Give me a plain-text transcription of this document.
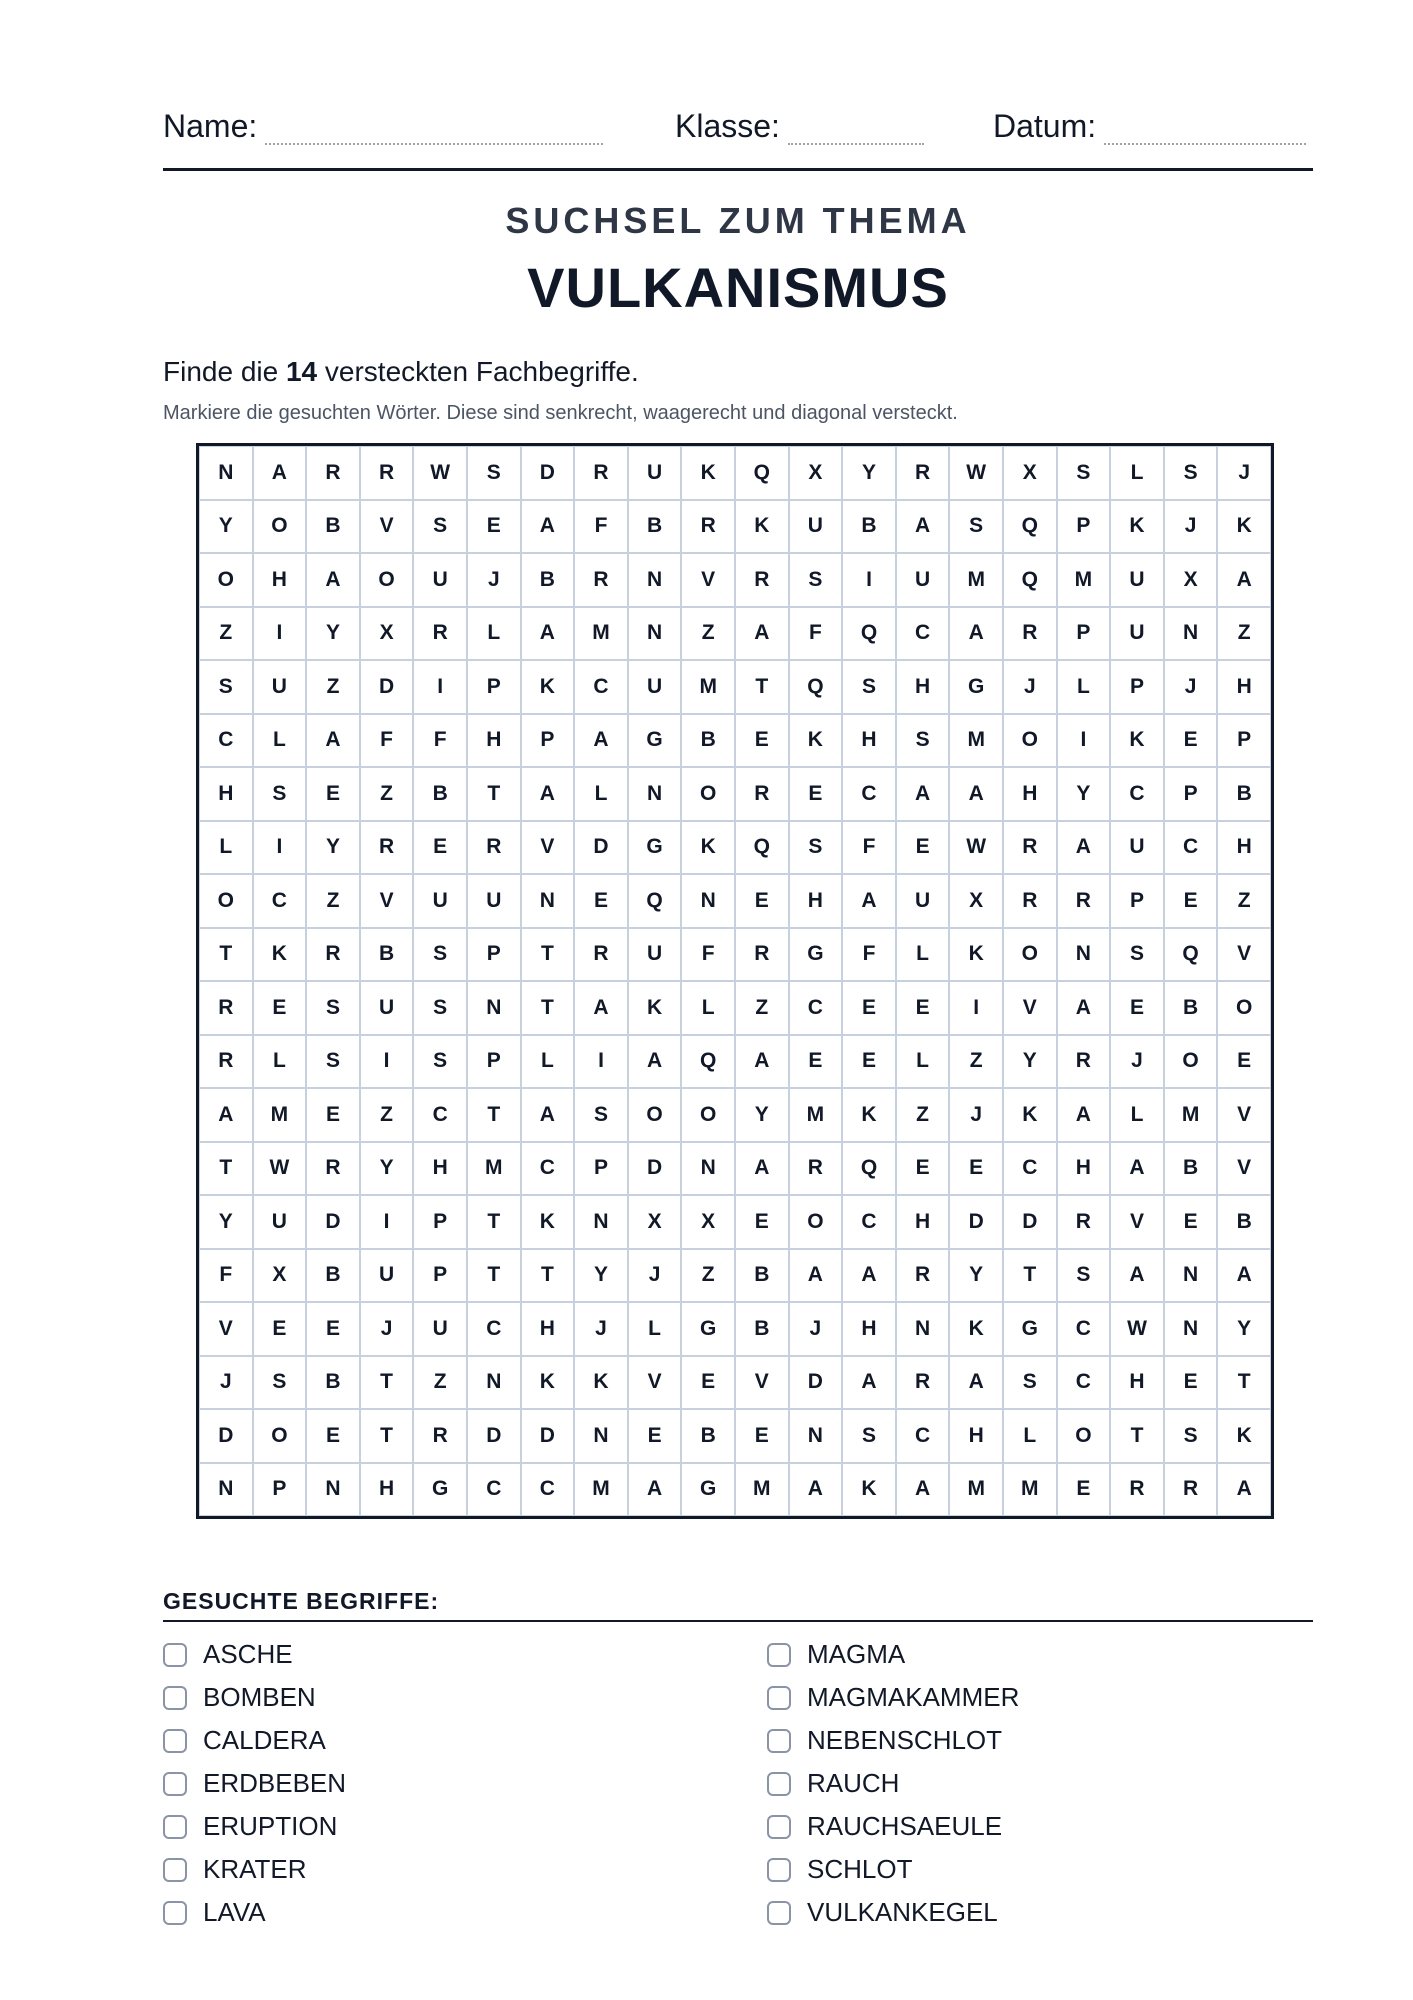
Name:	Klasse:	Datum:
SUCHSEL ZUM THEMA
VULKANISMUS
Finde die 14 versteckten Fachbegriffe.
Markiere die gesuchten Wörter. Diese sind senkrecht, waagerecht und diagonal versteckt.
N	A	R	R	W	S	D	R	U	K	Q	X	Y	R	W	X	S	L	S	J
Y	O	B	V	S	E	A	F	B	R	K	U	B	A	S	Q	P	K	J	K
O	H	A	O	U	J	B	R	N	V	R	S	I	U	M	Q	M	U	X	A
Z	I	Y	X	R	L	A	M	N	Z	A	F	Q	C	A	R	P	U	N	Z
S	U	Z	D	I	P	K	C	U	M	T	Q	S	H	G	J	L	P	J	H
C	L	A	F	F	H	P	A	G	B	E	K	H	S	M	O	I	K	E	P
H	S	E	Z	B	T	A	L	N	O	R	E	C	A	A	H	Y	C	P	B
L	I	Y	R	E	R	V	D	G	K	Q	S	F	E	W	R	A	U	C	H
O	C	Z	V	U	U	N	E	Q	N	E	H	A	U	X	R	R	P	E	Z
T	K	R	B	S	P	T	R	U	F	R	G	F	L	K	O	N	S	Q	V
R	E	S	U	S	N	T	A	K	L	Z	C	E	E	I	V	A	E	B	O
R	L	S	I	S	P	L	I	A	Q	A	E	E	L	Z	Y	R	J	O	E
A	M	E	Z	C	T	A	S	O	O	Y	M	K	Z	J	K	A	L	M	V
T	W	R	Y	H	M	C	P	D	N	A	R	Q	E	E	C	H	A	B	V
Y	U	D	I	P	T	K	N	X	X	E	O	C	H	D	D	R	V	E	B
F	X	B	U	P	T	T	Y	J	Z	B	A	A	R	Y	T	S	A	N	A
V	E	E	J	U	C	H	J	L	G	B	J	H	N	K	G	C	W	N	Y
J	S	B	T	Z	N	K	K	V	E	V	D	A	R	A	S	C	H	E	T
D	O	E	T	R	D	D	N	E	B	E	N	S	C	H	L	O	T	S	K
N	P	N	H	G	C	C	M	A	G	M	A	K	A	M	M	E	R	R	A
GESUCHTE BEGRIFFE:
ASCHE
BOMBEN
CALDERA
ERDBEBEN
ERUPTION
KRATER
LAVA
MAGMA
MAGMAKAMMER
NEBENSCHLOT
RAUCH
RAUCHSAEULE
SCHLOT
VULKANKEGEL
